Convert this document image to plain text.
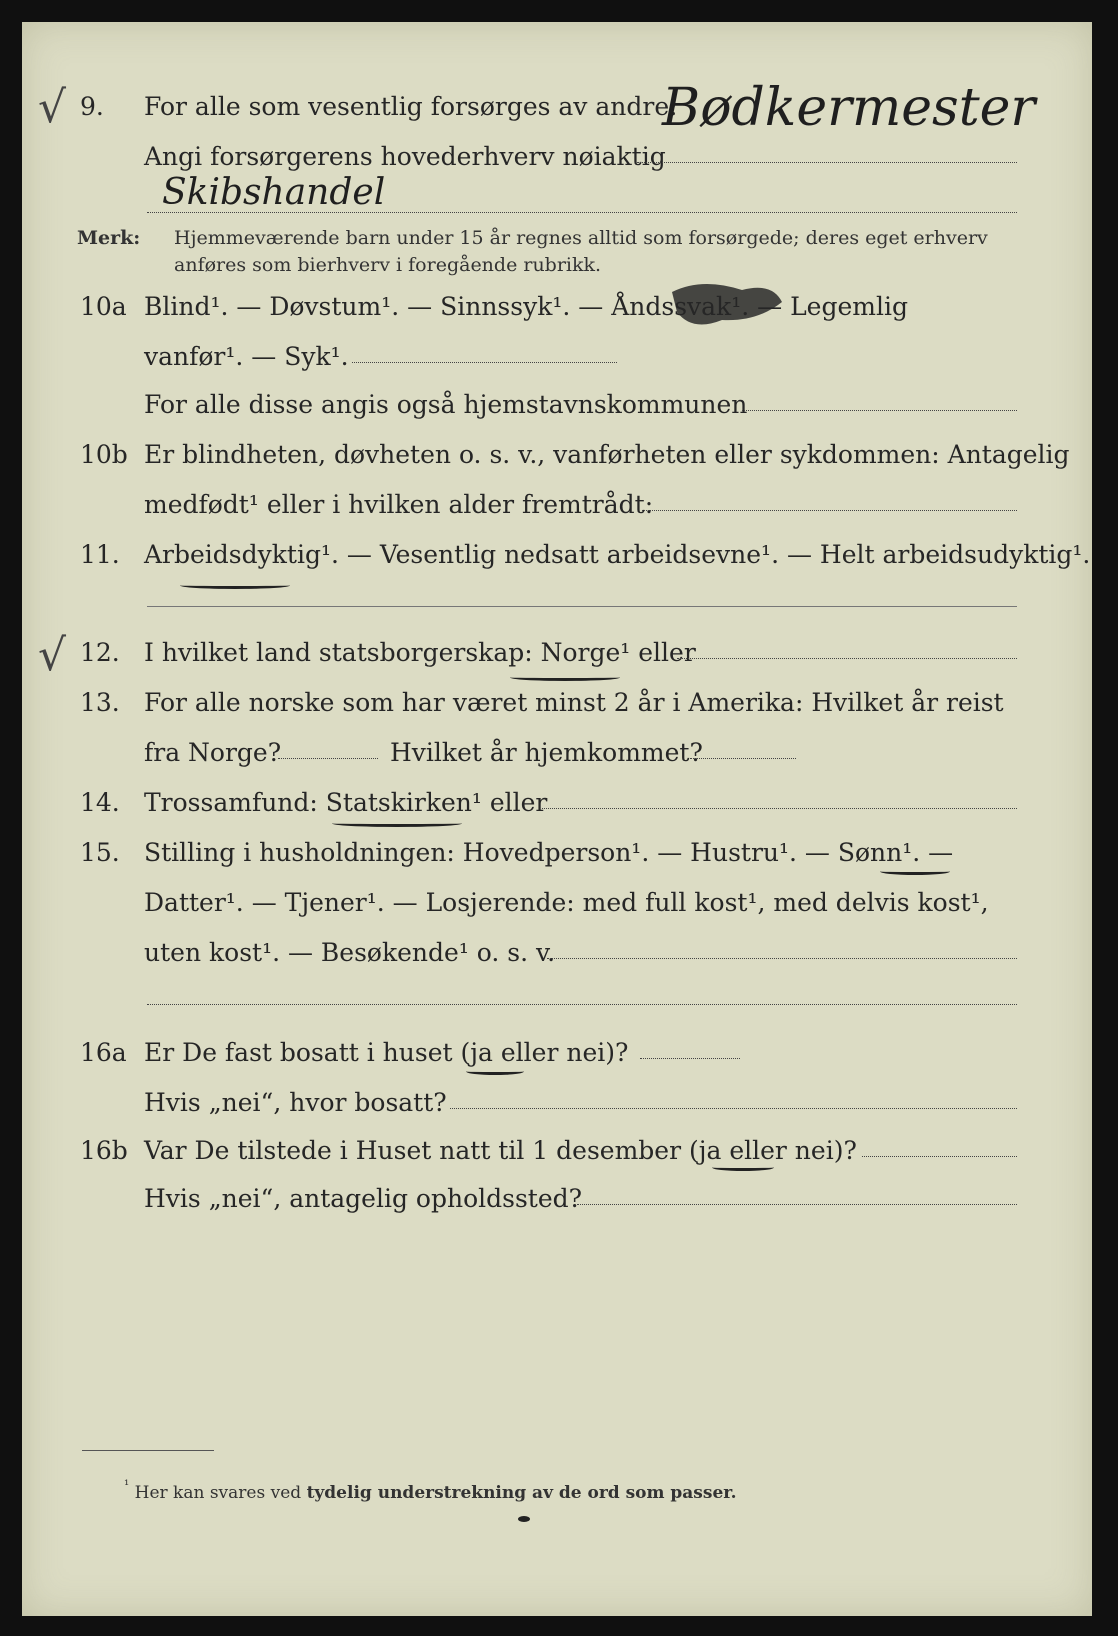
√ 9. For alle som vesentlig forsørges av andre:
Bødkermester
Angi forsørgerens hovederhverv nøiaktig
Skibshandel
Merk: Hjemmeværende barn under 15 år regnes alltid som forsørgede; deres eget erhverv
anføres som bierhverv i foregående rubrikk.
10a Blind¹. — Døvstum¹. — Sinnssyk¹. — Åndssvak¹. — Legemlig
vanfør¹. — Syk¹.
For alle disse angis også hjemstavnskommunen
10b Er blindheten, døvheten o. s. v., vanførheten eller sykdommen: Antagelig
medfødt¹ eller i hvilken alder fremtrådt:
11. Arbeidsdyktig¹. — Vesentlig nedsatt arbeidsevne¹. — Helt arbeidsudyktig¹.
√ 12. I hvilket land statsborgerskap: Norge¹ eller
13. For alle norske som har været minst 2 år i Amerika: Hvilket år reist
fra Norge?	Hvilket år hjemkommet?
14. Trossamfund: Statskirken¹ eller
15. Stilling i husholdningen: Hovedperson¹. — Hustru¹. — Sønn¹. —
Datter¹. — Tjener¹. — Losjerende: med full kost¹, med delvis kost¹,
uten kost¹. — Besøkende¹ o. s. v.
16a Er De fast bosatt i huset (ja eller nei)?
Hvis „nei“, hvor bosatt?
16b Var De tilstede i Huset natt til 1 desember (ja eller nei)?
Hvis „nei“, antagelig opholdssted?
$^{^1}$ Her kan svares ved tydelig understrekning av de ord som passer.
